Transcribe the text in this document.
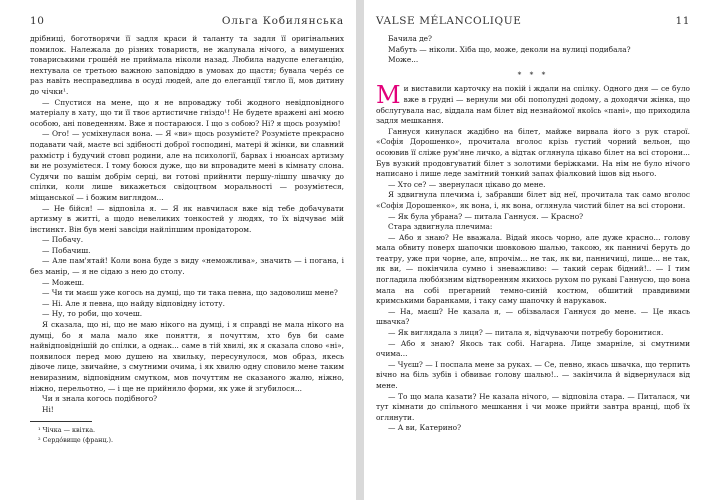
10	Ольга Кобилянська

дрібниці, боготворячи її задля краси й таланту та задля її оригінальних помилок. Належала до різних товариств, не жалувала нічого, а вимушених товариськими гроше́й не приймала ніколи назад. Любила надуспе елеганцію, нехтувала се третьою важною заповіддю в умовах до щастя; бувала чере́з се раз навіть несправедлива в осуді людей, але до елеганції тягло її, мов дитину до чічки¹.

— Спустися на мене, що я не впроваджу тобі жодного невідповідного матеріалу в хату, що ти її твоє артистичне гніздо¹! Не будете враженi ані моєю особою, ані поведенням. Вже я постараюся. І що з собою? Ні? я щось розумію!

— Ого! — усміхнулася вона. — Я «ви» щось розумієте? Розумієте прекрасно подавати чай, маєте всі здібності доброї господині, матері й жінки, ви славний рахмістр і будучий стовп родини, але на психології, барвах і нюансах артизму ви не розумієтеся. І тому боюся дуже, що ви впровадите мені в кімнату слона. Судячи по вашім добрім серці, ви готові прийняти першу-лішпу швачку до спілки, коли лише викажеться свідоцтвом моральності — розумієтеся, міщанської — і божим виглядом...

— Не бійся! — відповіла я. — Я як навчилася вже від тебе добачувати артизму в житті, а щодо невеликих тонкостей у людях, то їх відчуває мій інстинкт. Він був мені завсіди найліпшим провідатором.

— Побачу.

— Побачиш.

— Але пам'ятай! Коли вона буде з виду «неможлива», значить — і погана, і без манір, — я не сідаю з нею до столу.

— Можеш.

— Чи ти маєш уже когось на думці, що ти така певна, що задоволиш мене?

— Ні. Але я певна, що найду відповідну істоту.

— Ну, то роби, що хочеш.

Я сказала, що ні, що не маю нікого на думці, і я справді не мала нікого на думці, бо я мала мало яке поняття, я почуттям, хто був би саме найвідповіднішій до спілки, а однак... саме в тій хвилі, як я сказала слово «ні», появилося перед мою душею на хвильку, пересунулося, мов образ, якесь дівоче лице, звичайне, з смутними очима, і як хвилю одну сповило мене таким невиразним, відповідним смутком, мов почуттям не сказаного жалю, ніжно, ніжно, перельотно, — і ще не прийняло форми, як уже й згубилося...

Чи я знала когось подібного?

Ні!

¹ Чічка — квітка.

² Сердо́вище (франц.).

VALSE MÉLANCOLIQUE	11

Бачила де?

Мабуть — ніколи. Хіба що, може, деколи на вулиці подибала?

Може...

* * *
М и виставили карточку на покій і ждали на спілку. Одного дня — се було вже в грудні — вернули ми обі пополудні додому, а доходячи жінка, що обслугувала нас, віддала нам білет від незнайомої якоїсь «пані», що приходила задля мешкання.

Ганнуся кинулася жадібно на білет, майже вирвала його з рук старої. «Софія Дорошенко», прочитала вголос крізь густий чорний вельон, що осоювив її сліже рум'яне личко, а відтак оглянула цікаво білет на всі сторони... Був вузкий продовгуватий білет з золотими беріжками. На нім не було нічого написано і лише леде замітний тонкий запах фіалковий ішов від нього.

— Хто се? — звернулася цікаво до мене.

Я здвигнула плечима і, забравши білет від неї, прочитала так само вголос «Софія Дорошенко», як вона, і, як вона, оглянула чистий білет на всі сторони.

— Як була убрана? — питала Ганнуся. — Красно?

Стара здвигнула плечима:

— Або я знаю? Не вважала. Відай якось чорно, але дуже красно... голову мала обвиту поверх шапочки шовковою шалью, таксою, як панничі беруть до театру, уже при чорне, але, впрочім... не так, як ви, панничиці, лише... не так, як ви, — покінчила сумно і зневажливо: — такий серак бідний!.. — І тим погладила любо́язним відтворенням якихось рухом по рукаві Ганнусю, що вона мала на собі прегарний темно-синій костюм, обшитий правдивими кримськими баранками, і таку саму шапочку й нарукавок.

— На, маєш? Не казала я, — обізвалася Ганнуся до мене. — Це якась швачка?

— Як виглядала з лиця? — питала я, відчуваючи потребу боронитися.

— Або я знаю? Якось так собі. Нагарна. Лице змарніле, зі смутними очима...

— Чуєш? — І поспала мене за руках. — Се, певно, якась швачка, що терпить вічно на біль зубів і обвиває голову шалью!.. — закінчила й відвернулася від мене.

— То що мала казати? Не казала нічого, — відповіла стара. — Питалася, чи тут кімнати до спільного мешкання і чи може прийти завтра вранці, щоб їх оглянути.

— А ви, Катерино?
